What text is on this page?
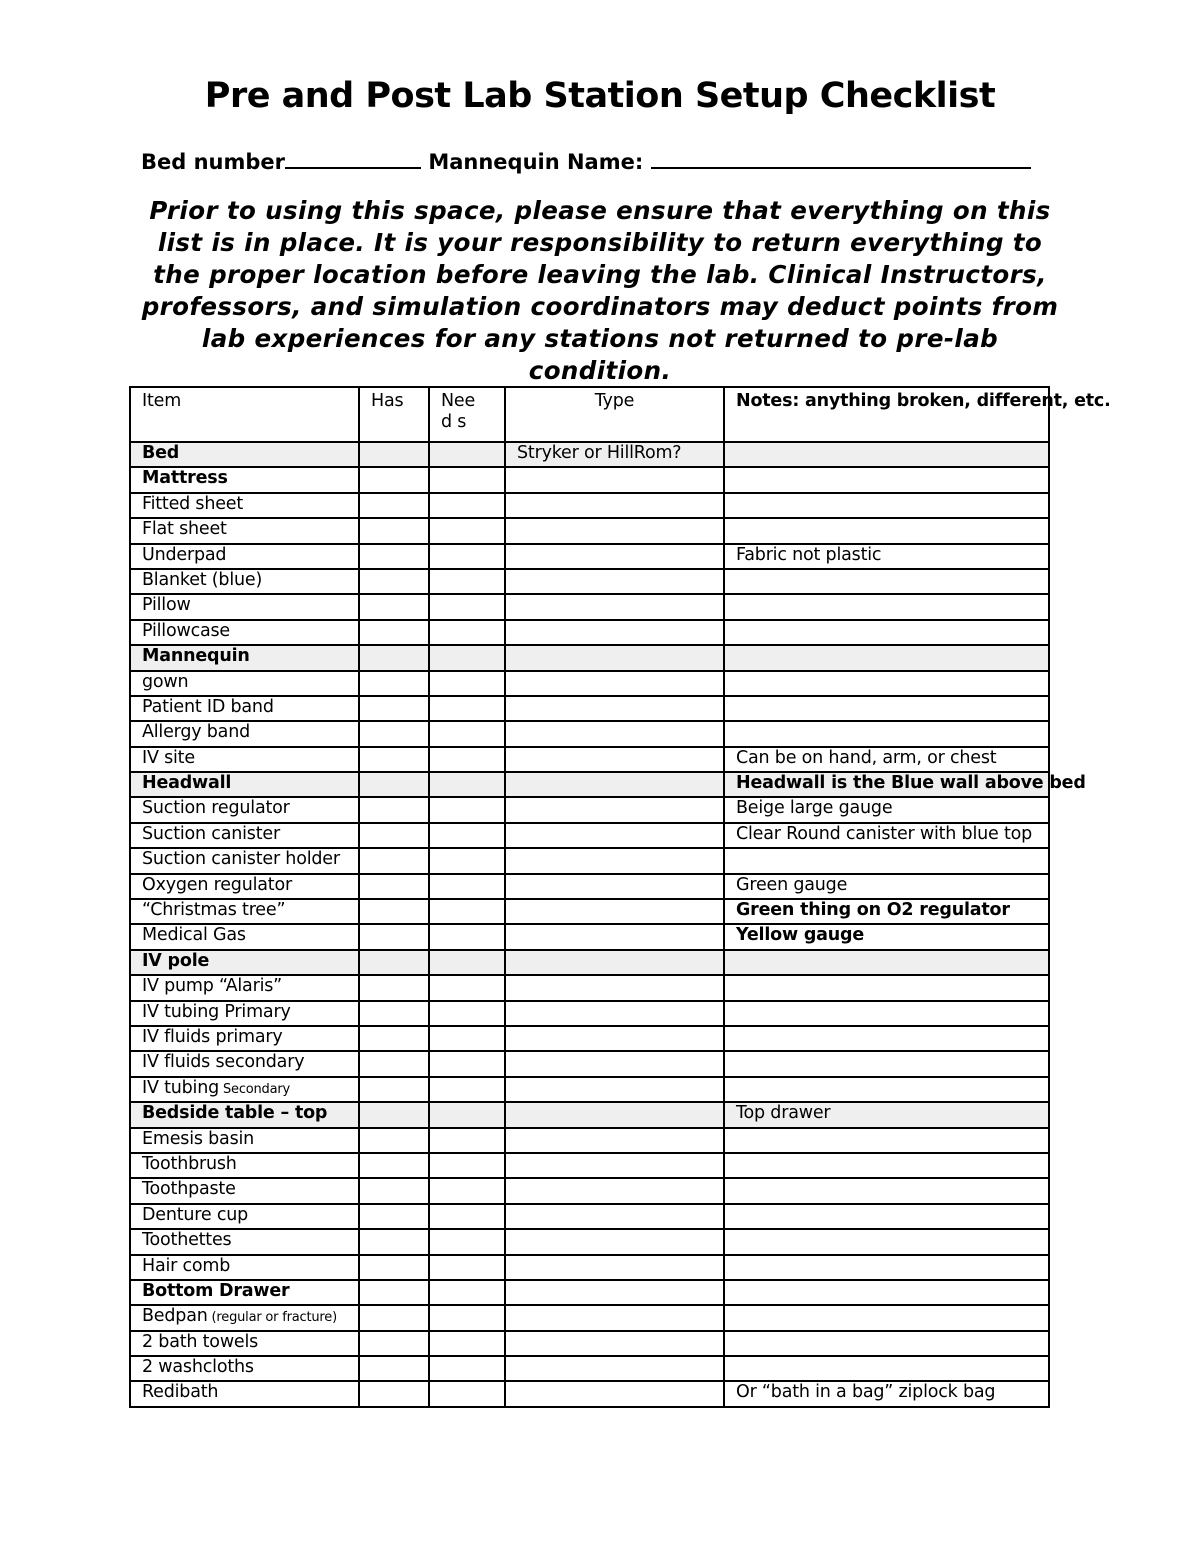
Pre and Post Lab Station Setup Checklist
Bed number	Mannequin Name:
Prior to using this space, please ensure that everything on this list is in place. It is your responsibility to return everything to the proper location before leaving the lab. Clinical Instructors, professors, and simulation coordinators may deduct points from lab experiences for any stations not returned to pre-lab condition.
Item	Has	Need s	Type	Notes: anything broken, different, etc.
Bed			Stryker or HillRom?	
Mattress				
Fitted sheet				
Flat sheet				
Underpad				Fabric not plastic
Blanket (blue)				
Pillow				
Pillowcase				
Mannequin				
gown				
Patient ID band				
Allergy band				
IV site				Can be on hand, arm, or chest
Headwall				Headwall is the Blue wall above bed
Suction regulator				Beige large gauge
Suction canister				Clear Round canister with blue top
Suction canister holder				
Oxygen regulator				Green gauge
“Christmas tree”				Green thing on O2 regulator
Medical Gas				Yellow gauge
IV pole				
IV pump “Alaris”				
IV tubing Primary				
IV fluids primary				
IV fluids secondary				
IV tubing Secondary				
Bedside table – top				Top drawer
Emesis basin				
Toothbrush				
Toothpaste				
Denture cup				
Toothettes				
Hair comb				
Bottom Drawer				
Bedpan (regular or fracture)				
2 bath towels				
2 washcloths				
Redibath				Or “bath in a bag” ziplock bag
